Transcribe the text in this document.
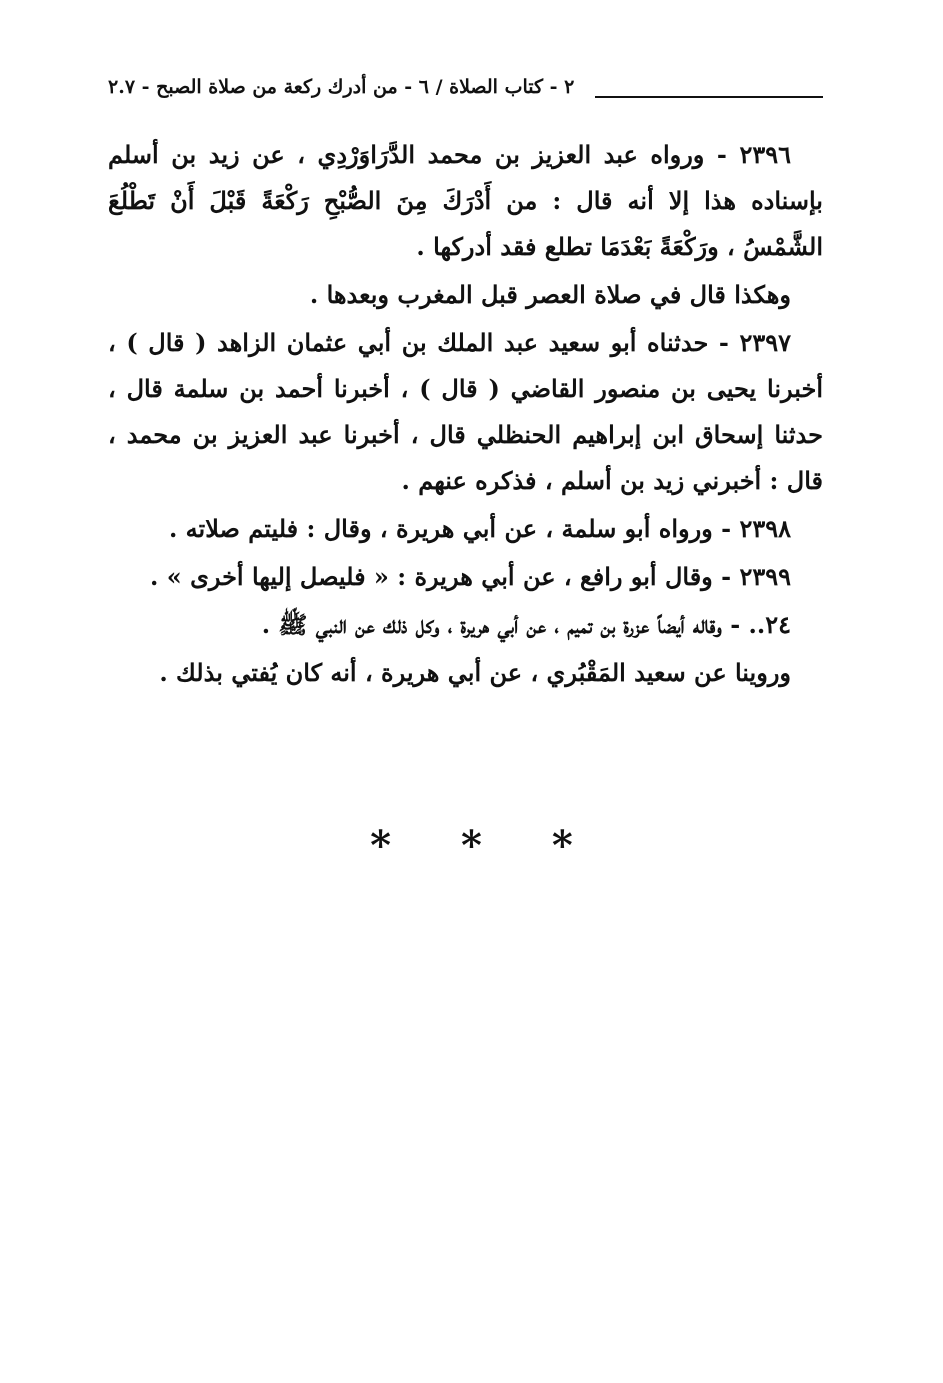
٢ - كتاب الصلاة / ٦ - من أدرك ركعة من صلاة الصبح - ٢.٧

٢٣٩٦ - ورواه عبد العزيز بن محمد الدَّرَاوَرْدِي ، عن زيد بن أسلم بإسناده هذا إلا أنه قال : من أَدْرَكَ مِنَ الصُّبْحِ رَكْعَةً قَبْلَ أَنْ تَطْلُعَ الشَّمْسُ ، ورَكْعَةً بَعْدَمَا تطلع فقد أدركها .

وهكذا قال في صلاة العصر قبل المغرب وبعدها .

٢٣٩٧ - حدثناه أبو سعيد عبد الملك بن أبي عثمان الزاهد ( قال ) ، أخبرنا يحيى بن منصور القاضي ( قال ) ، أخبرنا أحمد بن سلمة قال ، حدثنا إسحاق ابن إبراهيم الحنظلي قال ، أخبرنا عبد العزيز بن محمد ، قال : أخبرني زيد بن أسلم ، فذكره عنهم .

٢٣٩٨ - ورواه أبو سلمة ، عن أبي هريرة ، وقال : فليتم صلاته .

٢٣٩٩ - وقال أبو رافع ، عن أبي هريرة : « فليصل إليها أخرى » .

٢٤.. - وقاله أيضاً عزرة بن تميم ، عن أبي هريرة ، وكل ذلك عن النبي ﷺ .

وروينا عن سعيد المَقْبُري ، عن أبي هريرة ، أنه كان يُفتي بذلك .

* * *
